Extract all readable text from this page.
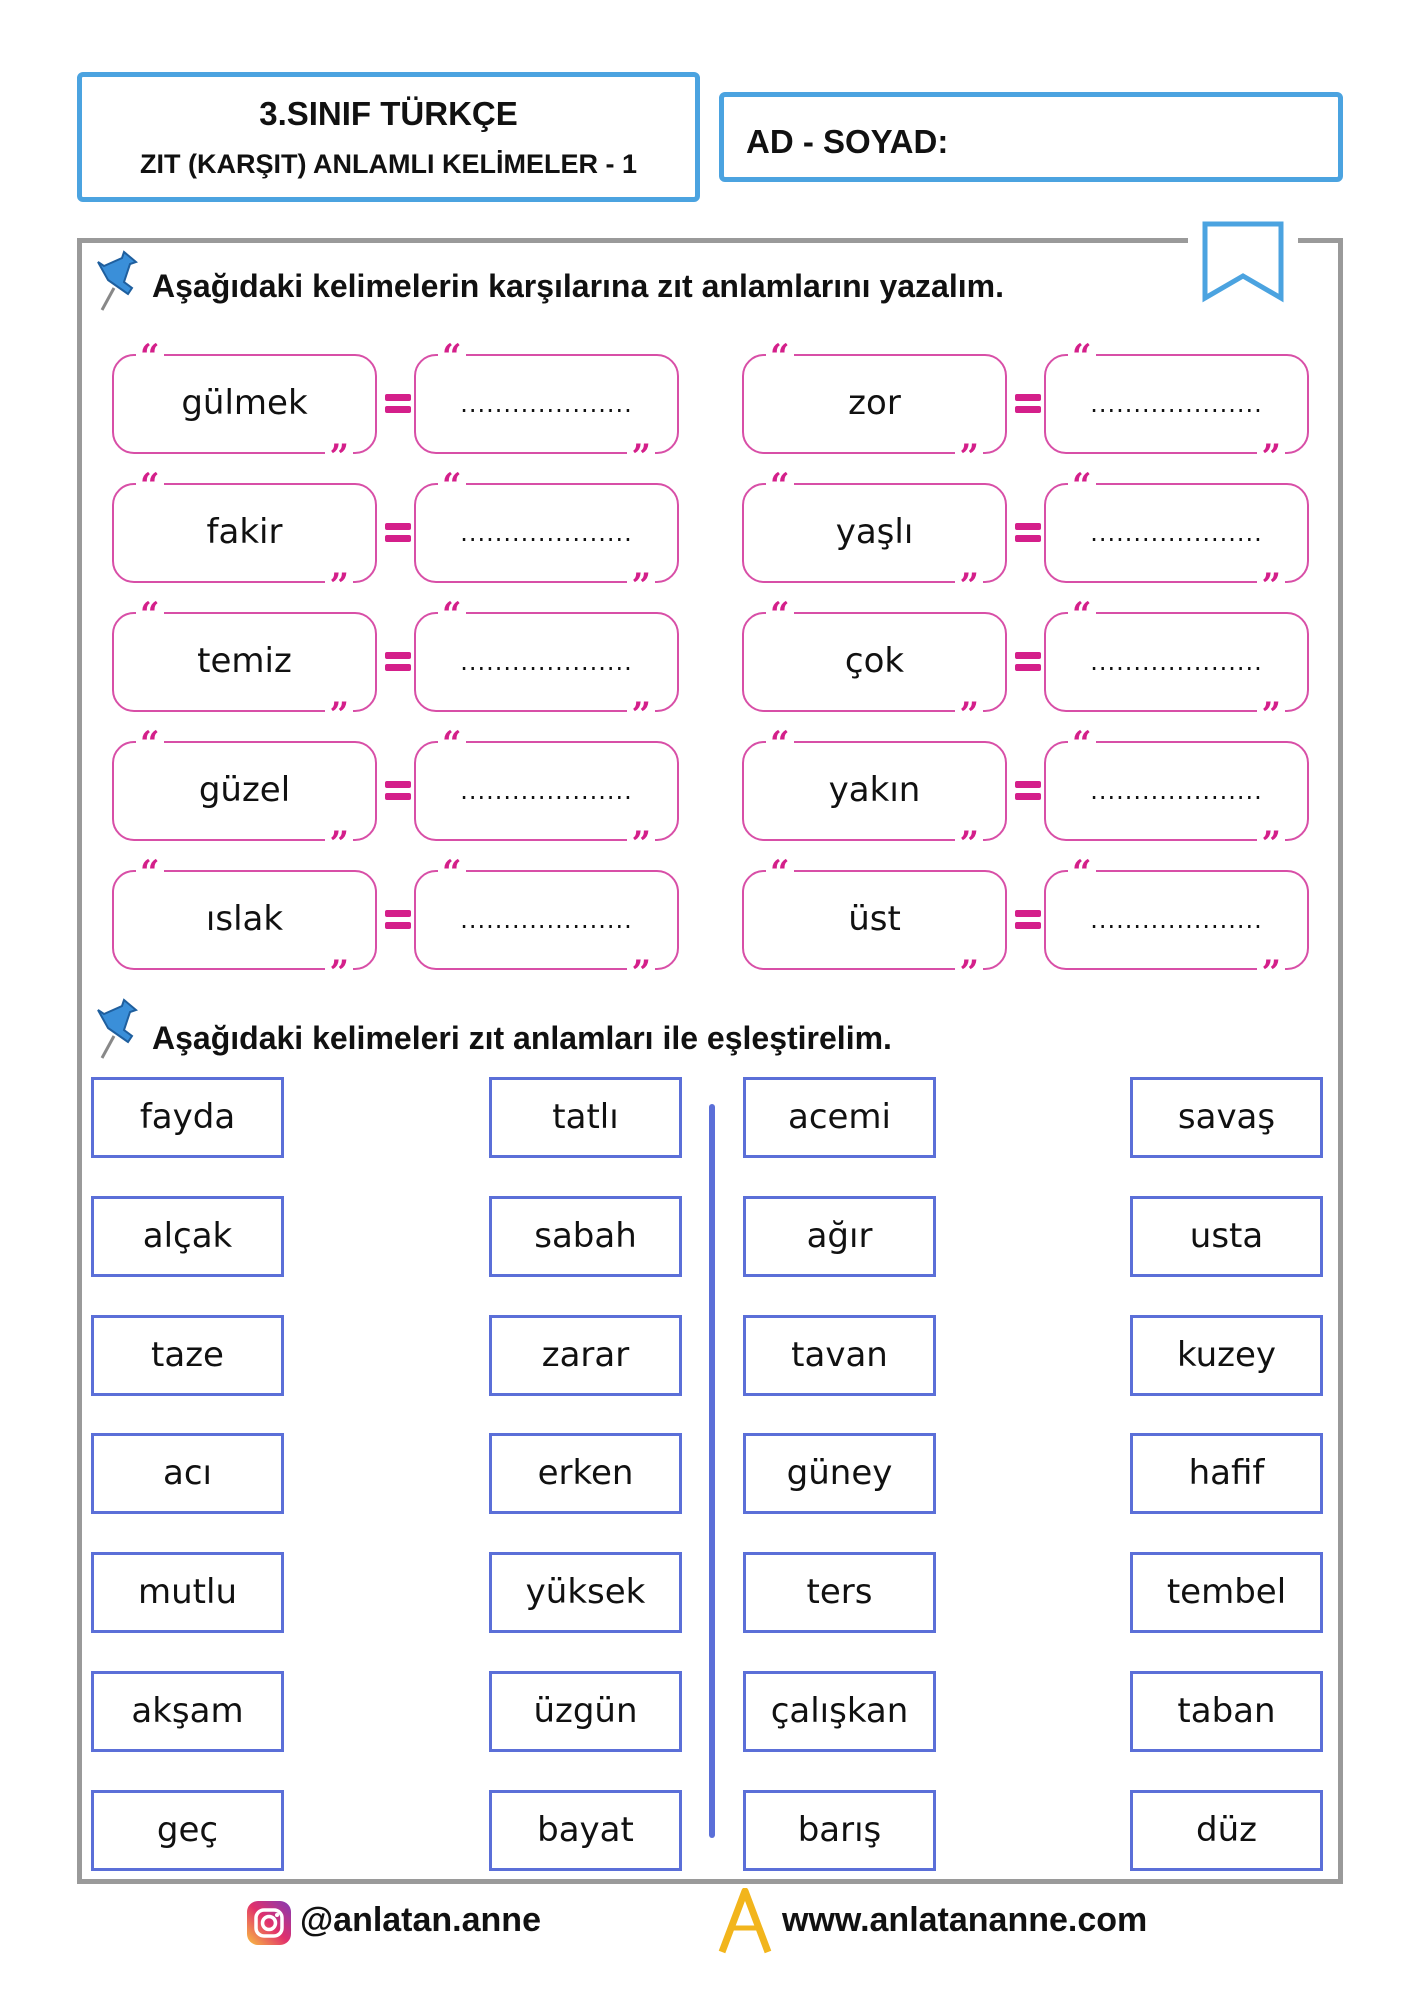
3.SINIF TÜRKÇE
ZIT (KARŞIT) ANLAMLI KELİMELER - 1
AD - SOYAD:
Aşağıdaki kelimelerin karşılarına zıt anlamlarını yazalım.
“
gülmek
”
“
....................
”
“
fakir
”
“
....................
”
“
temiz
”
“
....................
”
“
güzel
”
“
....................
”
“
ıslak
”
“
....................
”
“
zor
”
“
....................
”
“
yaşlı
”
“
....................
”
“
çok
”
“
....................
”
“
yakın
”
“
....................
”
“
üst
”
“
....................
”
Aşağıdaki kelimeleri zıt anlamları ile eşleştirelim.
fayda
alçak
taze
acı
mutlu
akşam
geç
tatlı
sabah
zarar
erken
yüksek
üzgün
bayat
acemi
ağır
tavan
güney
ters
çalışkan
barış
savaş
usta
kuzey
hafif
tembel
taban
düz
@anlatan.anne	www.anlatananne.com
